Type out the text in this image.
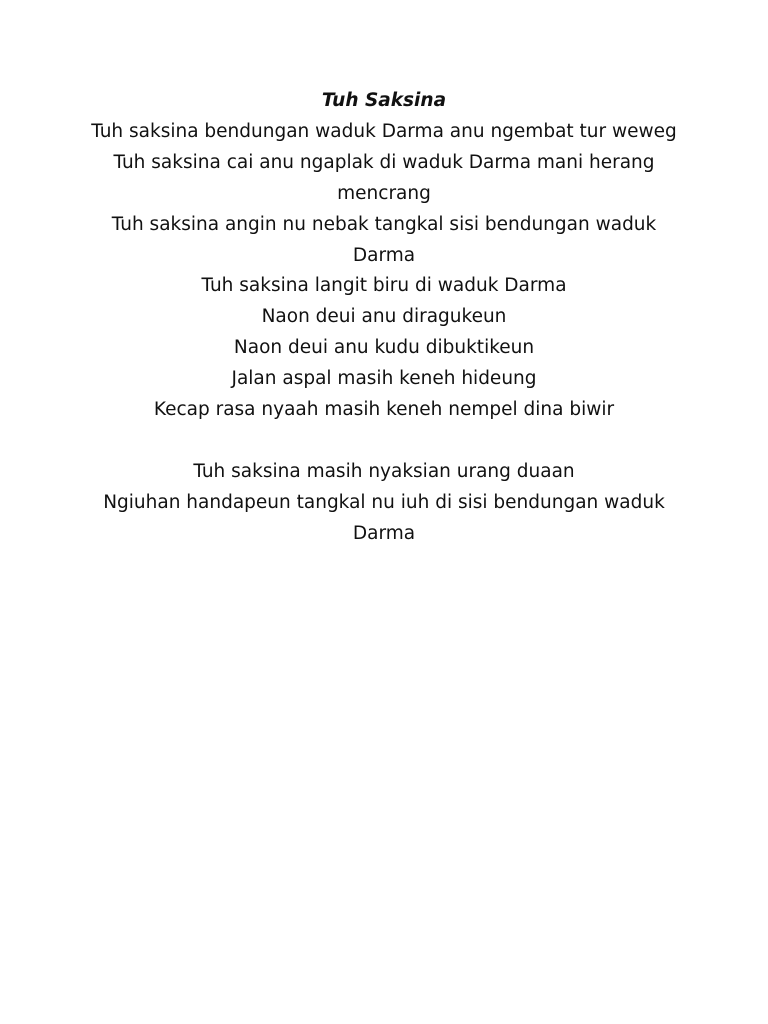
Tuh Saksina

Tuh saksina bendungan waduk Darma anu ngembat tur weweg

Tuh saksina cai anu ngaplak di waduk Darma mani herang mencrang

Tuh saksina angin nu nebak tangkal sisi bendungan waduk Darma

Tuh saksina langit biru di waduk Darma

Naon deui anu diragukeun

Naon deui anu kudu dibuktikeun

Jalan aspal masih keneh hideung

Kecap rasa nyaah masih keneh nempel dina biwir

Tuh saksina masih nyaksian urang duaan

Ngiuhan handapeun tangkal nu iuh di sisi bendungan waduk Darma
